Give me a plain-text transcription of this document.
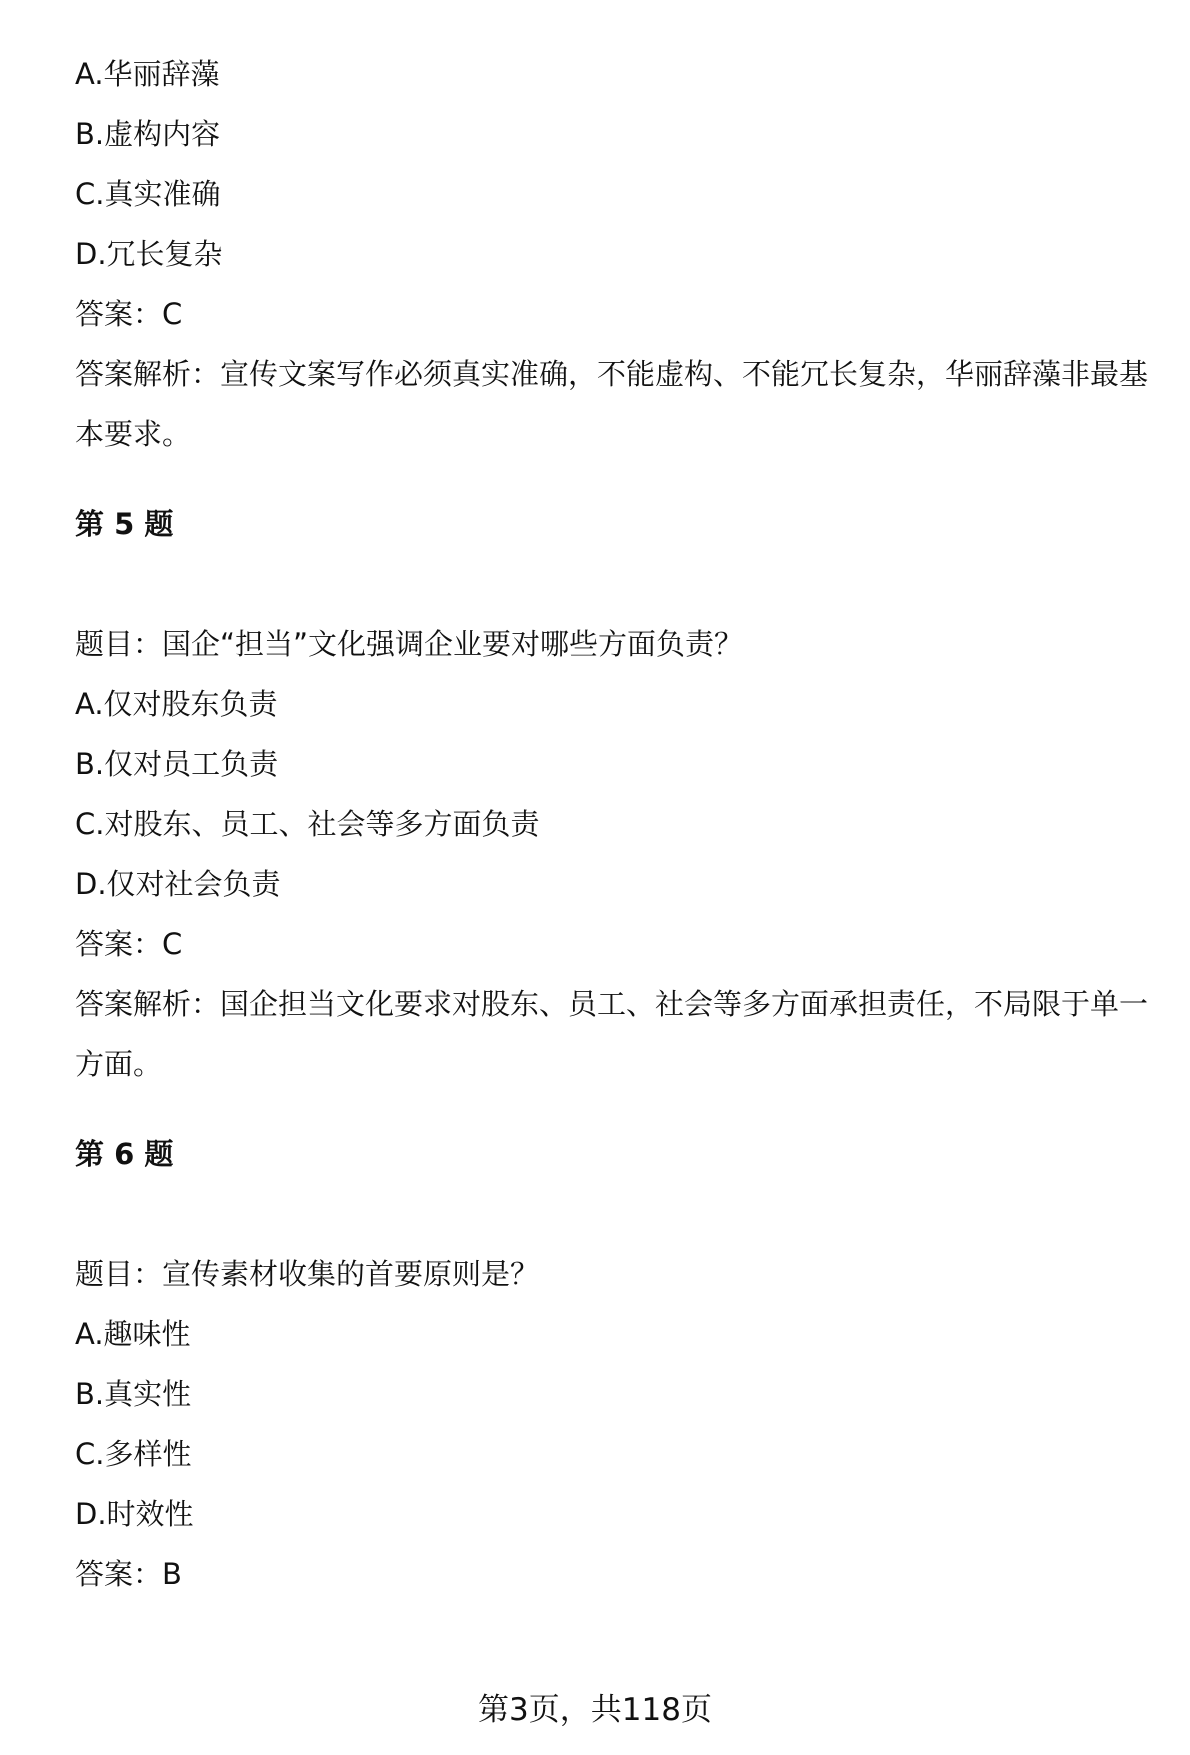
A.华丽辞藻
B.虚构内容
C.真实准确
D.冗长复杂
答案：C
答案解析：宣传文案写作必须真实准确，不能虚构、不能冗长复杂，华丽辞藻非最基本要求。
第 5 题
题目：国企“担当”文化强调企业要对哪些方面负责？
A.仅对股东负责
B.仅对员工负责
C.对股东、员工、社会等多方面负责
D.仅对社会负责
答案：C
答案解析：国企担当文化要求对股东、员工、社会等多方面承担责任，不局限于单一方面。
第 6 题
题目：宣传素材收集的首要原则是？
A.趣味性
B.真实性
C.多样性
D.时效性
答案：B
第3页，共118页
